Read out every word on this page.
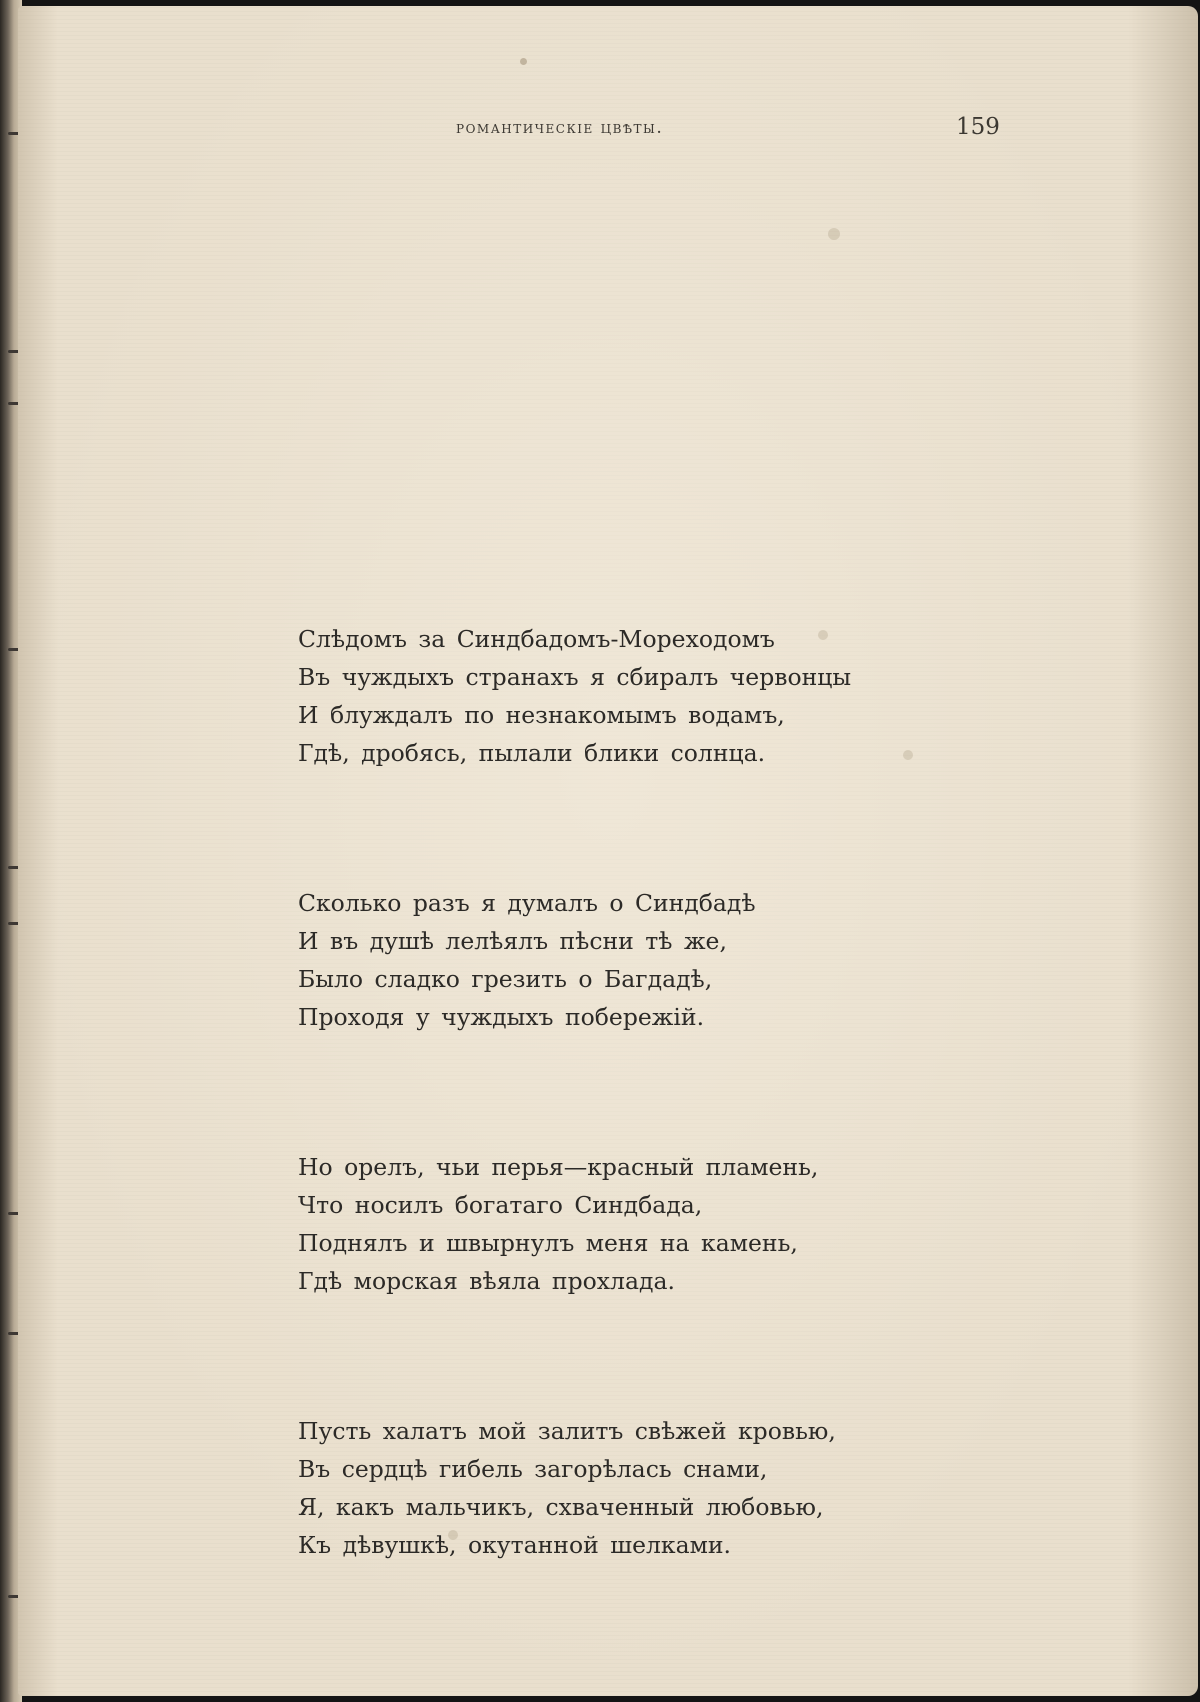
романтическіе цвѣты.	159
Слѣдомъ за Синдбадомъ-Мореходомъ
Въ чуждыхъ странахъ я сбиралъ червонцы
И блуждалъ по незнакомымъ водамъ,
Гдѣ, дробясь, пылали блики солнца.
Сколько разъ я думалъ о Синдбадѣ
И въ душѣ лелѣялъ пѣсни тѣ же,
Было сладко грезить о Багдадѣ,
Проходя у чуждыхъ побережій.
Но орелъ, чьи перья—красный пламень,
Что носилъ богатаго Синдбада,
Поднялъ и швырнулъ меня на камень,
Гдѣ морская вѣяла прохлада.
Пусть халатъ мой залитъ свѣжей кровью,
Въ сердцѣ гибель загорѣлась снами,
Я, какъ мальчикъ, схваченный любовью,
Къ дѣвушкѣ, окутанной шелками.
